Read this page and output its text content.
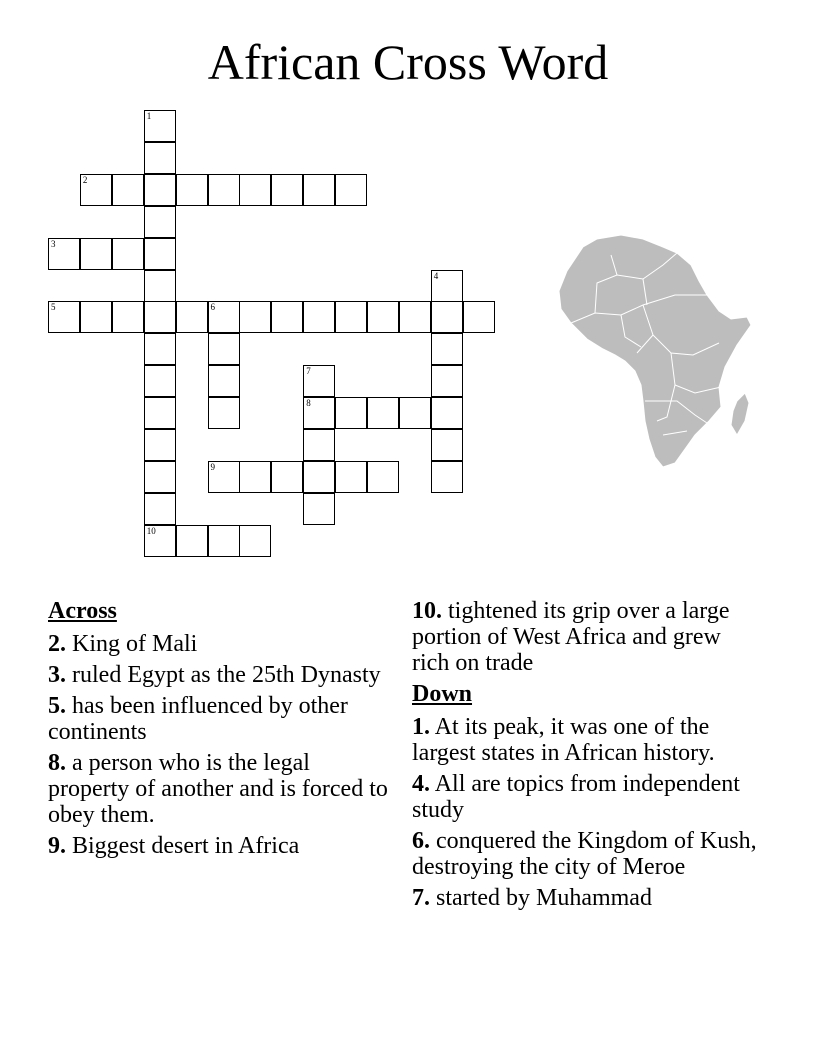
African Cross Word
2
3
5	6
8
9
10
1
4
7
Across
2. King of Mali
3. ruled Egypt as the 25th Dynasty
5. has been influenced by other continents
8. a person who is the legal property of another and is forced to obey them.
9. Biggest desert in Africa
10. tightened its grip over a large portion of West Africa and grew rich on trade
Down
1. At its peak, it was one of the largest states in African history.
4. All are topics from independent study
6. conquered the Kingdom of Kush, destroying the city of Meroe
7. started by Muhammad
